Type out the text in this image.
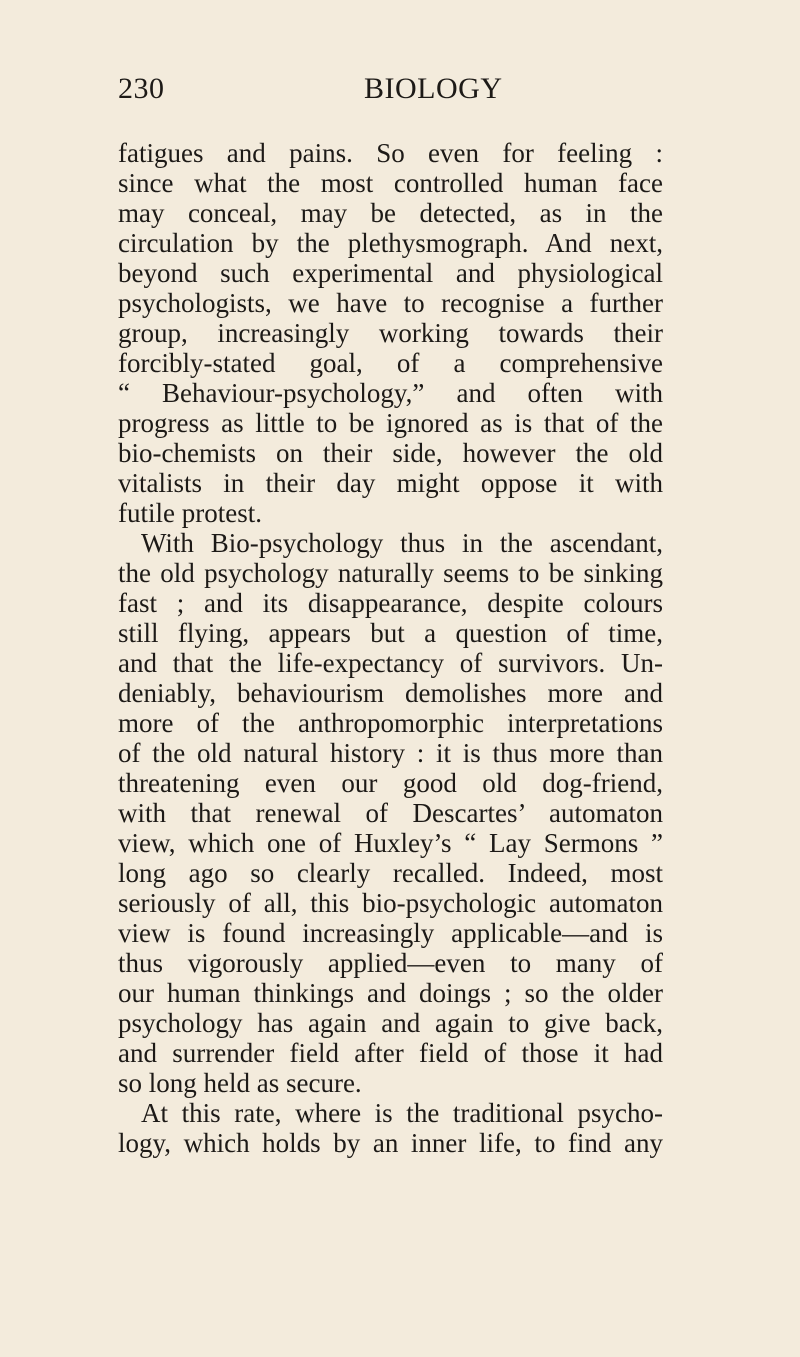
230	BIOLOGY
fatigues and pains. So even for feeling :
since what the most controlled human face
may conceal, may be detected, as in the
circulation by the plethysmograph. And next,
beyond such experimental and physiological
psychologists, we have to recognise a further
group, increasingly working towards their
forcibly-stated goal, of a comprehensive
“ Behaviour-psychology,” and often with
progress as little to be ignored as is that of the
bio-chemists on their side, however the old
vitalists in their day might oppose it with
futile protest.
With Bio-psychology thus in the ascendant,
the old psychology naturally seems to be sinking
fast ; and its disappearance, despite colours
still flying, appears but a question of time,
and that the life-expectancy of survivors. Un-
deniably, behaviourism demolishes more and
more of the anthropomorphic interpretations
of the old natural history : it is thus more than
threatening even our good old dog-friend,
with that renewal of Descartes’ automaton
view, which one of Huxley’s “ Lay Sermons ”
long ago so clearly recalled. Indeed, most
seriously of all, this bio-psychologic automaton
view is found increasingly applicable—and is
thus vigorously applied—even to many of
our human thinkings and doings ; so the older
psychology has again and again to give back,
and surrender field after field of those it had
so long held as secure.
At this rate, where is the traditional psycho-
logy, which holds by an inner life, to find any
